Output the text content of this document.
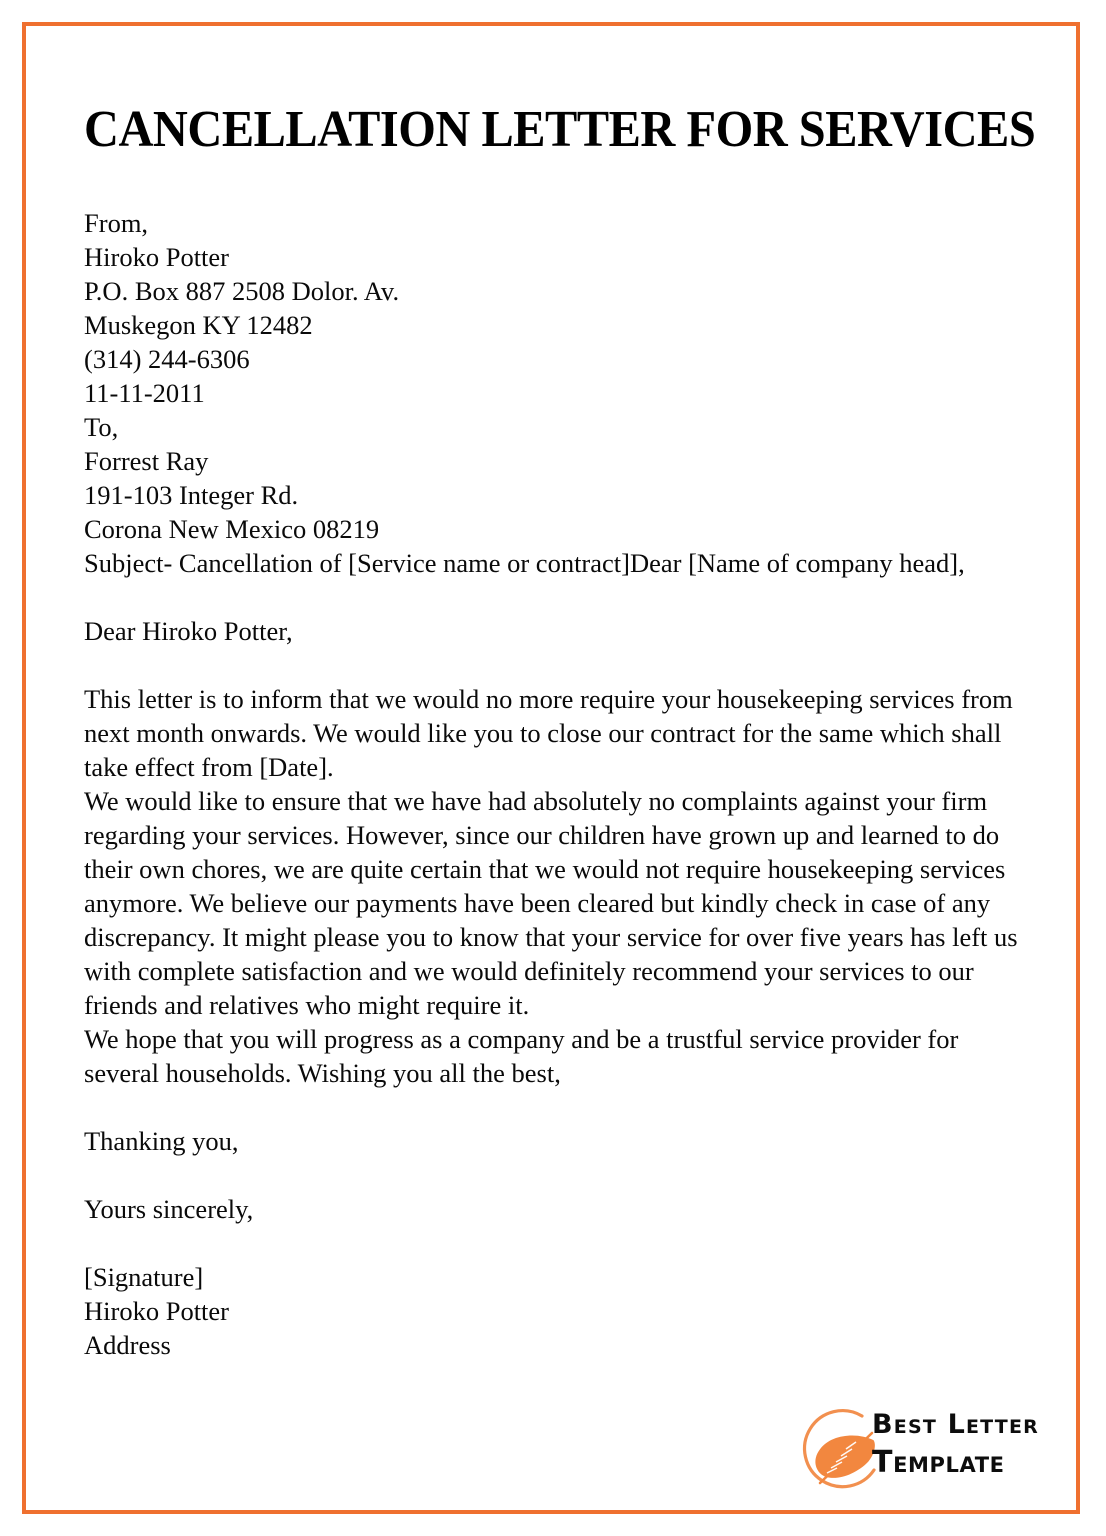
CANCELLATION LETTER FOR SERVICES
From,
Hiroko Potter
P.O. Box 887 2508 Dolor. Av.
Muskegon KY 12482
(314) 244-6306
11-11-2011
To,
Forrest Ray
191-103 Integer Rd.
Corona New Mexico 08219
Subject- Cancellation of [Service name or contract]Dear [Name of company head],
Dear Hiroko Potter,

This letter is to inform that we would no more require your housekeeping services from next month onwards. We would like you to close our contract for the same which shall take effect from [Date].

We would like to ensure that we have had absolutely no complaints against your firm regarding your services. However, since our children have grown up and learned to do their own chores, we are quite certain that we would not require housekeeping services anymore. We believe our payments have been cleared but kindly check in case of any discrepancy. It might please you to know that your service for over five years has left us with complete satisfaction and we would definitely recommend your services to our friends and relatives who might require it.

We hope that you will progress as a company and be a trustful service provider for several households. Wishing you all the best,

Thanking you,
Yours sincerely,
[Signature]
Hiroko Potter
Address
Best Letter
Template
